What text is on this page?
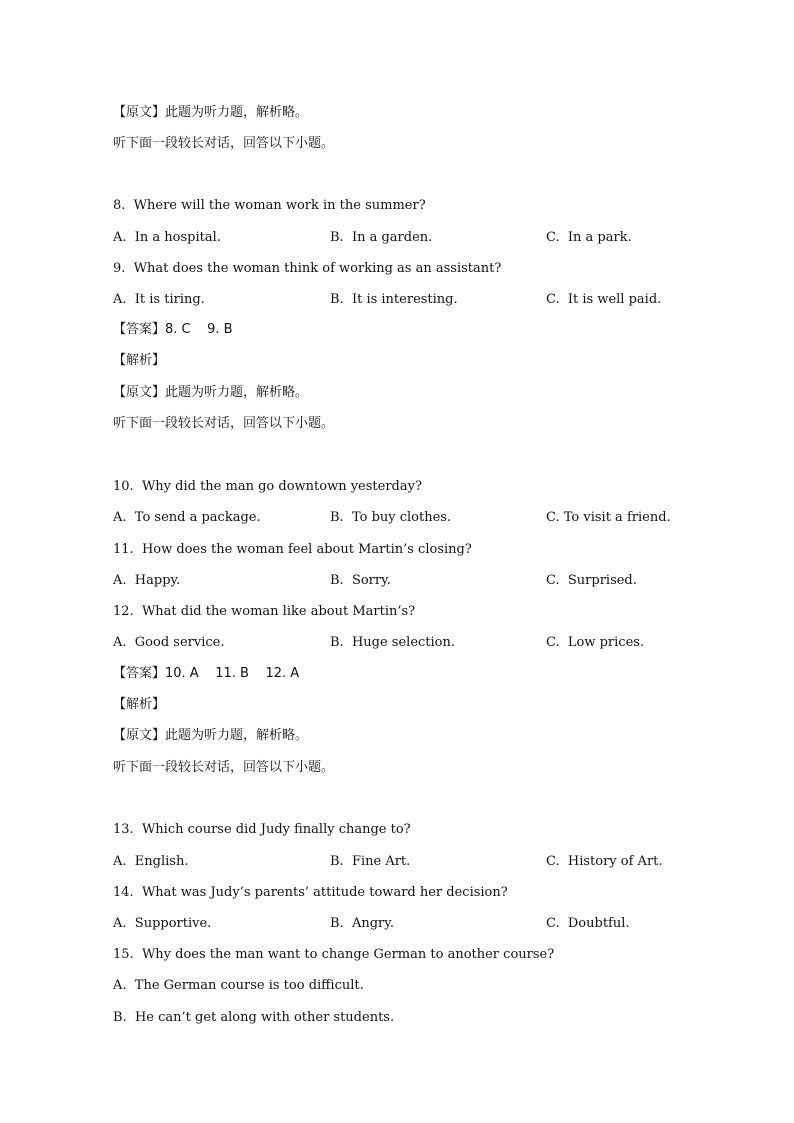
【原文】此题为听力题，解析略。
听下面一段较长对话，回答以下小题。
8.  Where will the woman work in the summer?
A.  In a hospital.	B.  In a garden.	C.  In a park.
9.  What does the woman think of working as an assistant?
A.  It is tiring.	B.  It is interesting.	C.  It is well paid.
【答案】8. C    9. B
【解析】
【原文】此题为听力题，解析略。
听下面一段较长对话，回答以下小题。
10.  Why did the man go downtown yesterday?
A.  To send a package.	B.  To buy clothes.	C. To visit a friend.
11.  How does the woman feel about Martin’s closing?
A.  Happy.	B.  Sorry.	C.  Surprised.
12.  What did the woman like about Martin’s?
A.  Good service.	B.  Huge selection.	C.  Low prices.
【答案】10. A    11. B    12. A
【解析】
【原文】此题为听力题，解析略。
听下面一段较长对话，回答以下小题。
13.  Which course did Judy finally change to?
A.  English.	B.  Fine Art.	C.  History of Art.
14.  What was Judy’s parents’ attitude toward her decision?
A.  Supportive.	B.  Angry.	C.  Doubtful.
15.  Why does the man want to change German to another course?
A.  The German course is too difficult.
B.  He can’t get along with other students.
